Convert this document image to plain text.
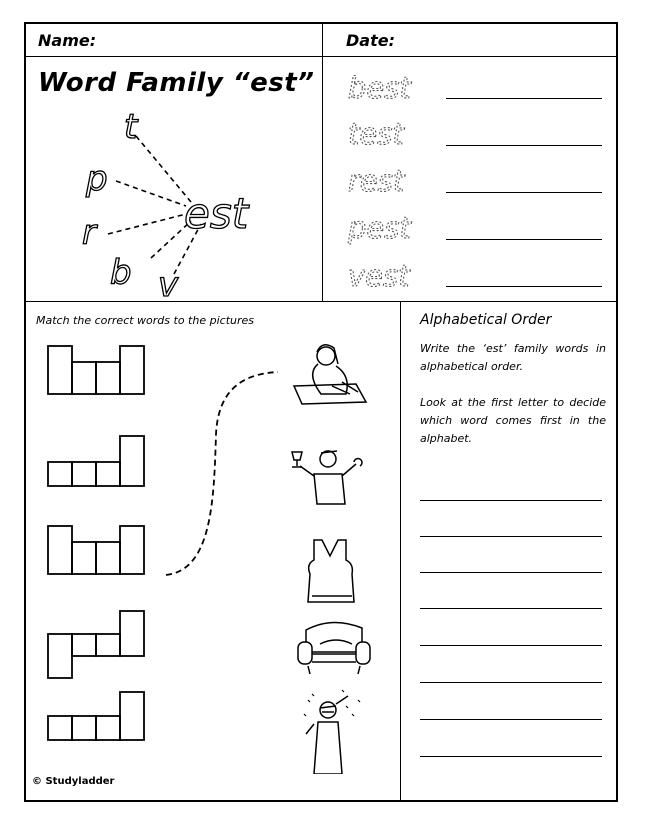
Name:	Date:
Word Family “est”
t
p
r
b v
est
best
test
rest
pest
vest
Match the correct words to the pictures	Alphabetical Order
Write the ‘est’ family words in alphabetical order.
Look at the first letter to decide which word comes first in the alphabet.
© Studyladder
